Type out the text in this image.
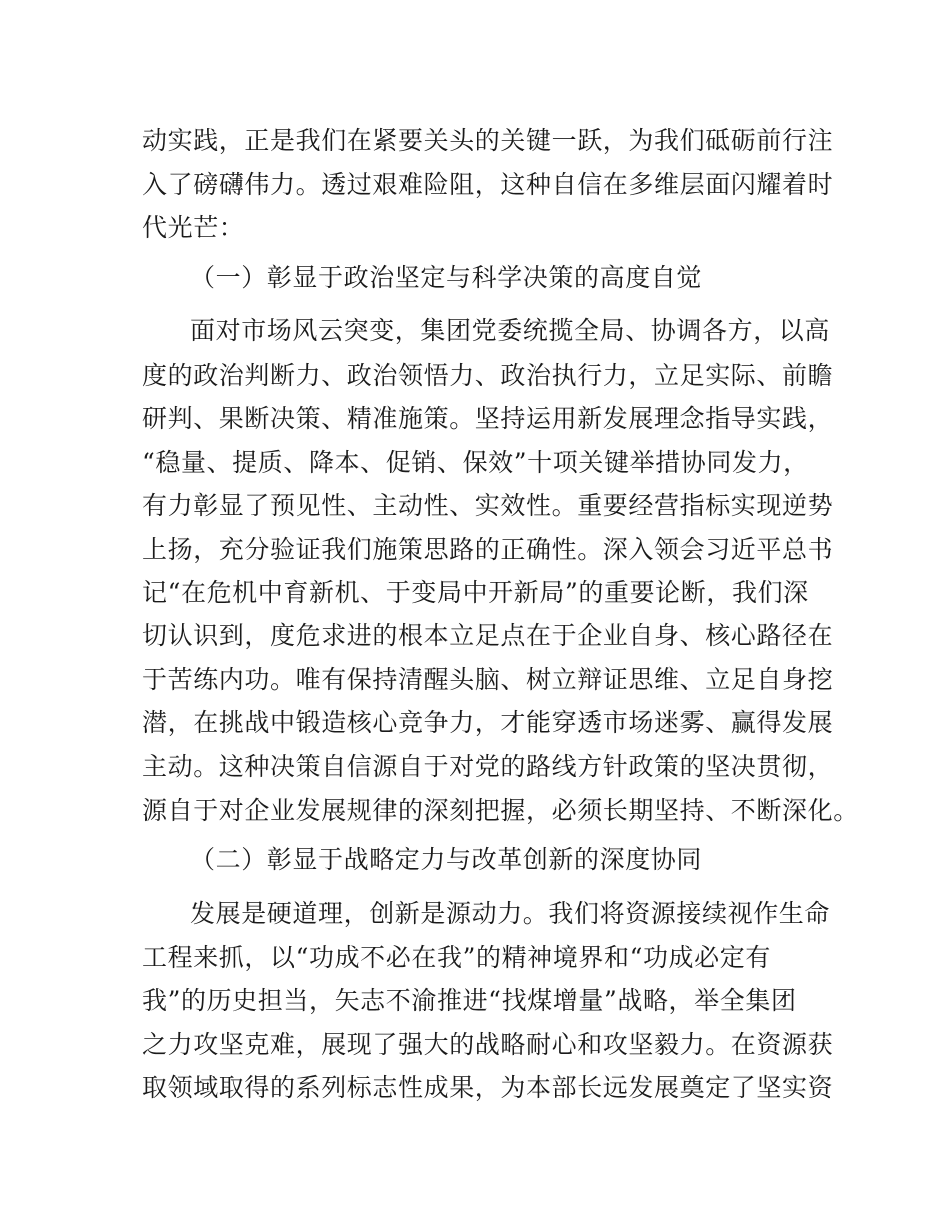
动实践，正是我们在紧要关头的关键一跃，为我们砥砺前行注
入了磅礴伟力。透过艰难险阻，这种自信在多维层面闪耀着时
代光芒：
（一）彰显于政治坚定与科学决策的高度自觉
面对市场风云突变，集团党委统揽全局、协调各方，以高
度的政治判断力、政治领悟力、政治执行力，立足实际、前瞻
研判、果断决策、精准施策。坚持运用新发展理念指导实践，
“稳量、提质、降本、促销、保效”十项关键举措协同发力，
有力彰显了预见性、主动性、实效性。重要经营指标实现逆势
上扬，充分验证我们施策思路的正确性。深入领会习近平总书
记“在危机中育新机、于变局中开新局”的重要论断，我们深
切认识到，度危求进的根本立足点在于企业自身、核心路径在
于苦练内功。唯有保持清醒头脑、树立辩证思维、立足自身挖
潜，在挑战中锻造核心竞争力，才能穿透市场迷雾、赢得发展
主动。这种决策自信源自于对党的路线方针政策的坚决贯彻，
源自于对企业发展规律的深刻把握，必须长期坚持、不断深化。
（二）彰显于战略定力与改革创新的深度协同
发展是硬道理，创新是源动力。我们将资源接续视作生命
工程来抓，以“功成不必在我”的精神境界和“功成必定有
我”的历史担当，矢志不渝推进“找煤增量”战略，举全集团
之力攻坚克难，展现了强大的战略耐心和攻坚毅力。在资源获
取领域取得的系列标志性成果，为本部长远发展奠定了坚实资
